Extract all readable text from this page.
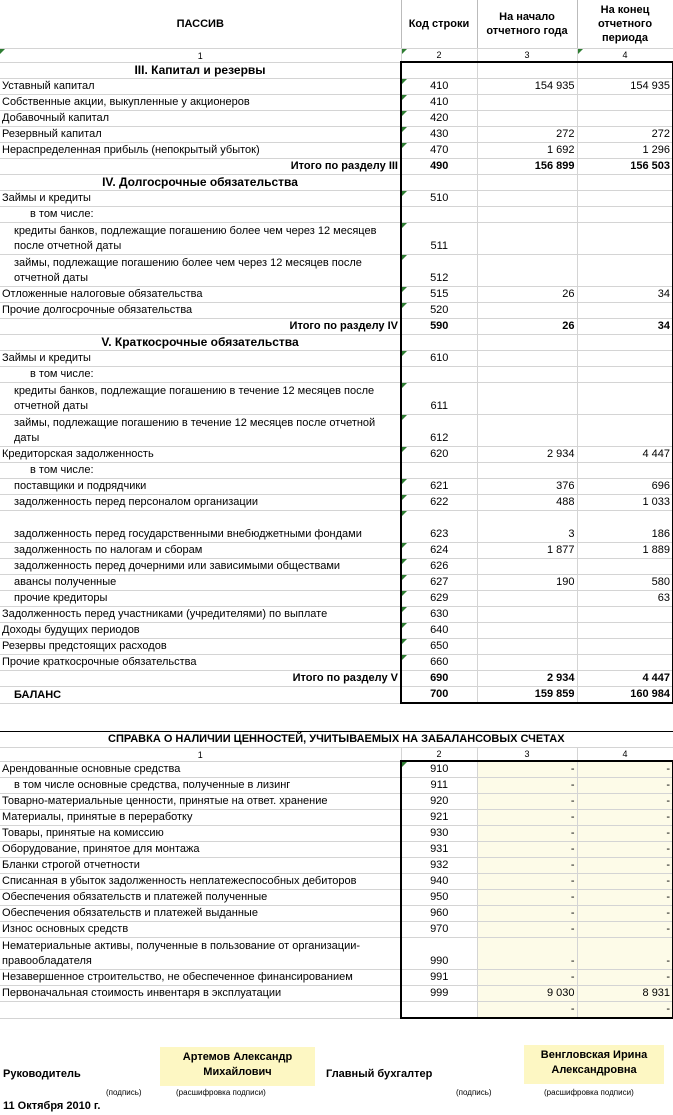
ПАССИВ	Код строки	На начало отчетного года	На конец отчетного периода
1	2	3	4
III. Капитал и резервы			
Уставный капитал	410	154 935	154 935
Собственные акции, выкупленные у акционеров	410		
Добавочный капитал	420		
Резервный капитал	430	272	272
Нераспределенная прибыль (непокрытый убыток)	470	1 692	1 296
Итого по разделу III	490	156 899	156 503
IV. Долгосрочные обязательства			
Займы и кредиты	510		
в том числе:			
кредиты банков, подлежащие погашению более чем через 12 месяцев после отчетной даты	511		
займы, подлежащие погашению более чем через 12 месяцев после отчетной даты	512		
Отложенные налоговые обязательства	515	26	34
Прочие долгосрочные обязательства	520		
Итого по разделу IV	590	26	34
V. Краткосрочные обязательства			
Займы и кредиты	610		
в том числе:			
кредиты банков, подлежащие погашению в течение 12 месяцев после отчетной даты	611		
займы, подлежащие погашению в течение 12 месяцев после отчетной даты	612		
Кредиторская задолженность	620	2 934	4 447
в том числе:			
поставщики и подрядчики	621	376	696
задолженность перед персоналом организации	622	488	1 033
задолженность перед государственными внебюджетными фондами	623	3	186
задолженность по налогам и сборам	624	1 877	1 889
задолженность перед дочерними или зависимыми обществами	626		
авансы полученные	627	190	580
прочие кредиторы	629		63
Задолженность перед участниками (учредителями) по выплате	630		
Доходы будущих периодов	640		
Резервы предстоящих расходов	650		
Прочие краткосрочные обязательства	660		
Итого по разделу V	690	2 934	4 447
БАЛАНС	700	159 859	160 984
СПРАВКА О НАЛИЧИИ ЦЕННОСТЕЙ, УЧИТЫВАЕМЫХ НА ЗАБАЛАНСОВЫХ СЧЕТАХ			
1	2	3	4
Арендованные основные средства	910	-	-
в том числе основные средства, полученные в лизинг	911	-	-
Товарно-материальные ценности, принятые на ответ. хранение	920	-	-
Материалы, принятые в переработку	921	-	-
Товары, принятые на комиссию	930	-	-
Оборудование, принятое для монтажа	931	-	-
Бланки строгой отчетности	932	-	-
Списанная в убыток задолженность неплатежеспособных дебиторов	940	-	-
Обеспечения обязательств и платежей полученные	950	-	-
Обеспечения обязательств и платежей выданные	960	-	-
Износ основных средств	970	-	-
Нематериальные активы, полученные в пользование от организации-правообладателя	990	-	-
Незавершенное строительство, не обеспеченное финансированием	991	-	-
Первоначальная стоимость инвентаря в эксплуатации	999	9 030	8 931
		-	-
Руководитель
(подпись)
Артемов Александр Михайлович
(расшифровка подписи)
Главный бухгалтер
(подпись)
Венгловская Ирина Александровна
(расшифровка подписи)
11 Октября 2010 г.
